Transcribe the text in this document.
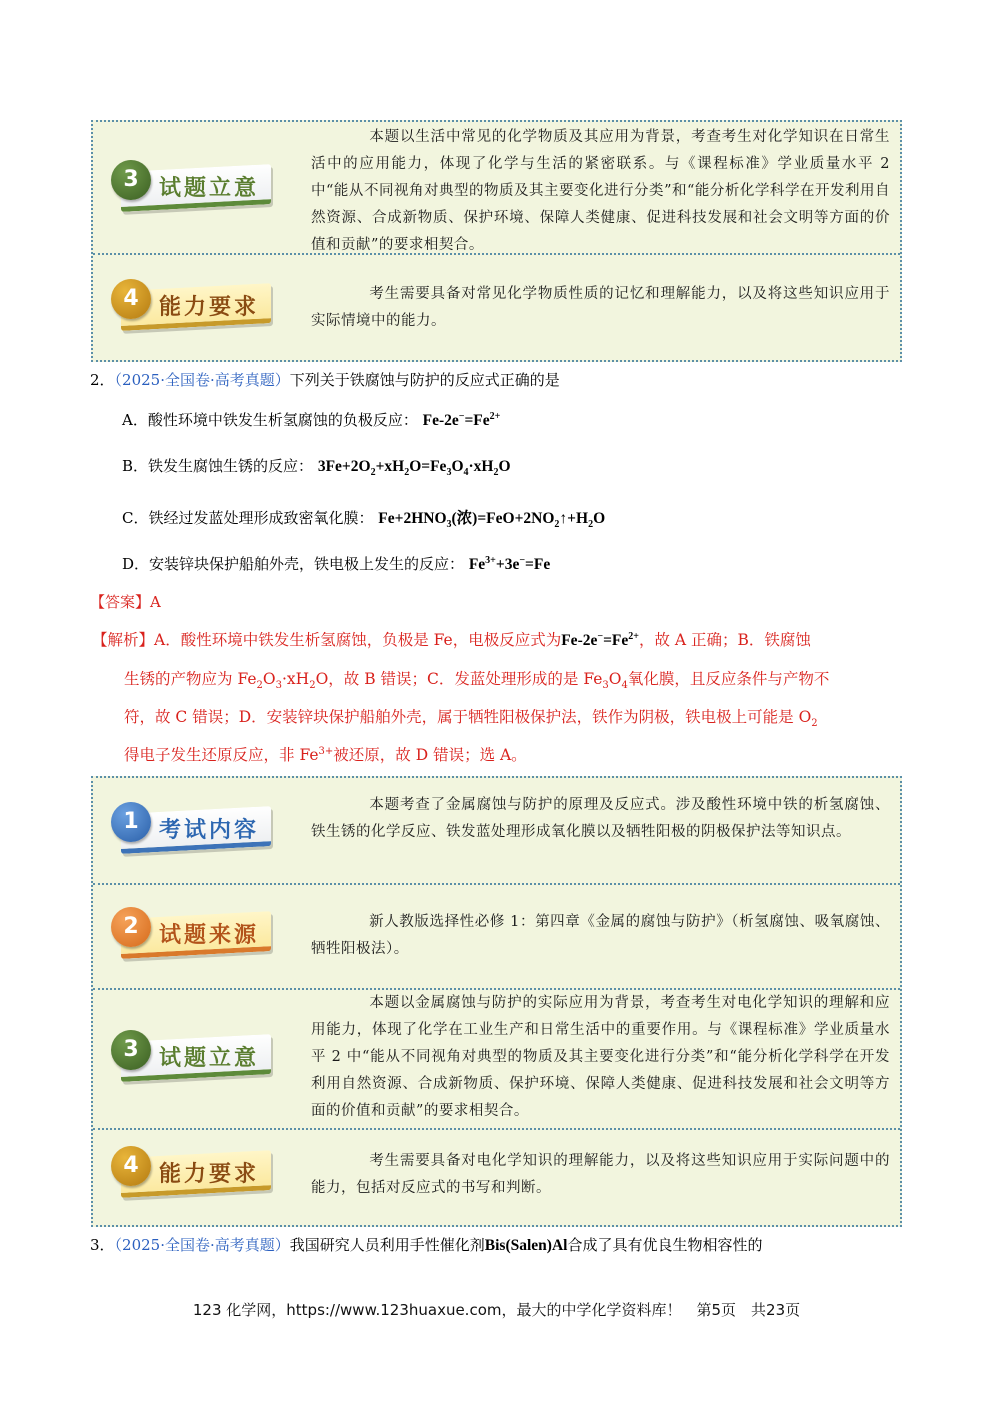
3 试题立意
本题以生活中常见的化学物质及其应用为背景，考查考生对化学知识在日常生活中的应用能力，体现了化学与生活的紧密联系。与《课程标准》学业质量水平 2 中“能从不同视角对典型的物质及其主要变化进行分类”和“能分析化学科学在开发利用自然资源、合成新物质、保护环境、保障人类健康、促进科技发展和社会文明等方面的价值和贡献”的要求相契合。
4 能力要求	考生需要具备对常见化学物质性质的记忆和理解能力，以及将这些知识应用于实际情境中的能力。
2．（2025·全国卷·高考真题）下列关于铁腐蚀与防护的反应式正确的是
A．酸性环境中铁发生析氢腐蚀的负极反应： $Fe-2e^-=Fe^{2+}$
B．铁发生腐蚀生锈的反应： $3Fe+2O_2+xH_2O=Fe_3O_4\cdot xH_2O$
C．铁经过发蓝处理形成致密氧化膜： $Fe+2HNO_3$(浓)$=FeO+2NO_2↑+H_2O$
D．安装锌块保护船舶外壳，铁电极上发生的反应： $Fe^{3+}+3e^-=Fe$
【答案】A
【解析】A．酸性环境中铁发生析氢腐蚀，负极是 Fe，电极反应式为$Fe-2e^-=Fe^{2+}$，故 A 正确；B．铁腐蚀
生锈的产物应为 $Fe_2O_3\cdot xH_2O$，故 B 错误；C．发蓝处理形成的是 $Fe_3O_4$氧化膜，且反应条件与产物不
符，故 C 错误；D．安装锌块保护船舶外壳，属于牺牲阳极保护法，铁作为阴极，铁电极上可能是 $O_2$
得电子发生还原反应，非 $Fe^{3+}$被还原，故 D 错误；选 A。
1 考试内容
本题考查了金属腐蚀与防护的原理及反应式。涉及酸性环境中铁的析氢腐蚀、铁生锈的化学反应、铁发蓝处理形成氧化膜以及牺牲阳极的阴极保护法等知识点。
2 试题来源	新人教版选择性必修 1：第四章《金属的腐蚀与防护》（析氢腐蚀、吸氧腐蚀、牺牲阳极法）。
3 试题立意
本题以金属腐蚀与防护的实际应用为背景，考查考生对电化学知识的理解和应用能力，体现了化学在工业生产和日常生活中的重要作用。与《课程标准》学业质量水平 2 中“能从不同视角对典型的物质及其主要变化进行分类”和“能分析化学科学在开发利用自然资源、合成新物质、保护环境、保障人类健康、促进科技发展和社会文明等方面的价值和贡献”的要求相契合。
4 能力要求	考生需要具备对电化学知识的理解能力，以及将这些知识应用于实际问题中的能力，包括对反应式的书写和判断。
3．（2025·全国卷·高考真题）我国研究人员利用手性催化剂Bis(Salen)Al合成了具有优良生物相容性的
123 化学网，https://www.123huaxue.com，最大的中学化学资料库！　第5页　共23页
